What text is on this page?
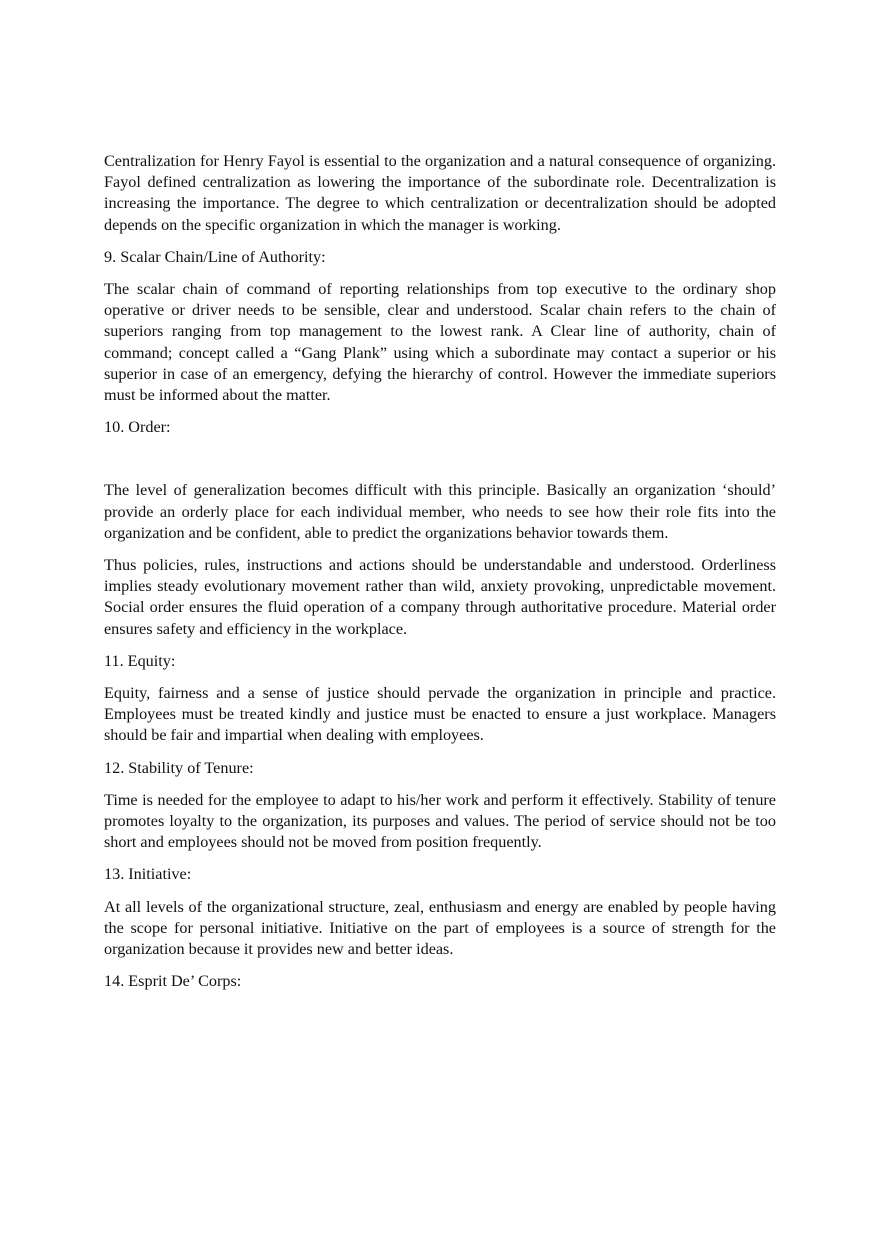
Centralization for Henry Fayol is essential to the organization and a natural consequence of organizing. Fayol defined centralization as lowering the importance of the subordinate role. Decentralization is increasing the importance. The degree to which centralization or decentralization should be adopted depends on the specific organization in which the manager is working.

9. Scalar Chain/Line of Authority:

The scalar chain of command of reporting relationships from top executive to the ordinary shop operative or driver needs to be sensible, clear and understood. Scalar chain refers to the chain of superiors ranging from top management to the lowest rank. A Clear line of authority, chain of command; concept called a “Gang Plank” using which a subordinate may contact a superior or his superior in case of an emergency, defying the hierarchy of control. However the immediate superiors must be informed about the matter.

10. Order:

The level of generalization becomes difficult with this principle. Basically an organization ‘should’ provide an orderly place for each individual member, who needs to see how their role fits into the organization and be confident, able to predict the organizations behavior towards them.

Thus policies, rules, instructions and actions should be understandable and understood. Orderliness implies steady evolutionary movement rather than wild, anxiety provoking, unpredictable movement. Social order ensures the fluid operation of a company through authoritative procedure. Material order ensures safety and efficiency in the workplace.

11. Equity:

Equity, fairness and a sense of justice should pervade the organization in principle and practice. Employees must be treated kindly and justice must be enacted to ensure a just workplace. Managers should be fair and impartial when dealing with employees.

12. Stability of Tenure:

Time is needed for the employee to adapt to his/her work and perform it effectively. Stability of tenure promotes loyalty to the organization, its purposes and values. The period of service should not be too short and employees should not be moved from position frequently.

13. Initiative:

At all levels of the organizational structure, zeal, enthusiasm and energy are enabled by people having the scope for personal initiative. Initiative on the part of employees is a source of strength for the organization because it provides new and better ideas.

14. Esprit De’ Corps:
